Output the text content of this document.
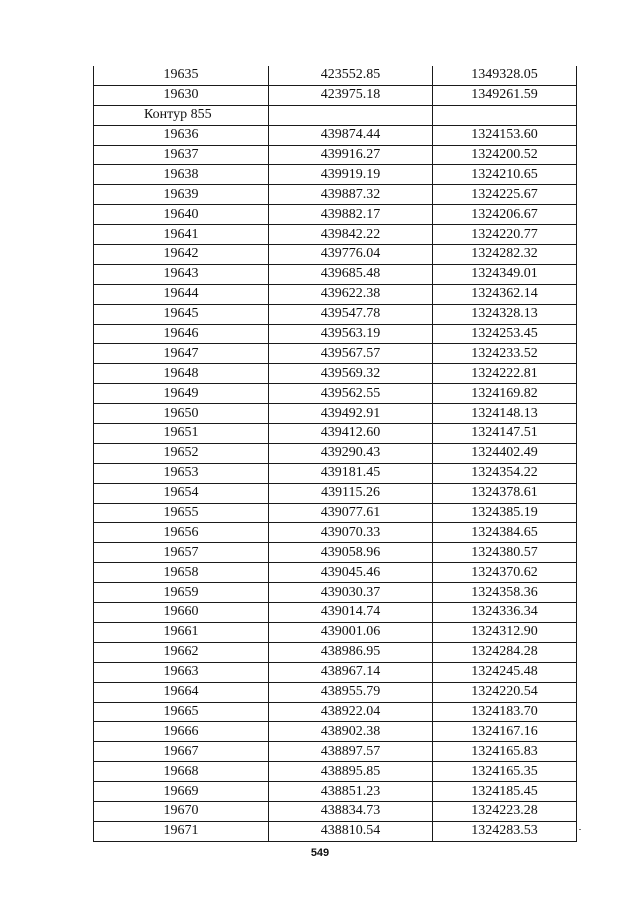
19635	423552.85	1349328.05
19630	423975.18	1349261.59
Контур 855		
19636	439874.44	1324153.60
19637	439916.27	1324200.52
19638	439919.19	1324210.65
19639	439887.32	1324225.67
19640	439882.17	1324206.67
19641	439842.22	1324220.77
19642	439776.04	1324282.32
19643	439685.48	1324349.01
19644	439622.38	1324362.14
19645	439547.78	1324328.13
19646	439563.19	1324253.45
19647	439567.57	1324233.52
19648	439569.32	1324222.81
19649	439562.55	1324169.82
19650	439492.91	1324148.13
19651	439412.60	1324147.51
19652	439290.43	1324402.49
19653	439181.45	1324354.22
19654	439115.26	1324378.61
19655	439077.61	1324385.19
19656	439070.33	1324384.65
19657	439058.96	1324380.57
19658	439045.46	1324370.62
19659	439030.37	1324358.36
19660	439014.74	1324336.34
19661	439001.06	1324312.90
19662	438986.95	1324284.28
19663	438967.14	1324245.48
19664	438955.79	1324220.54
19665	438922.04	1324183.70
19666	438902.38	1324167.16
19667	438897.57	1324165.83
19668	438895.85	1324165.35
19669	438851.23	1324185.45
19670	438834.73	1324223.28
19671	438810.54	1324283.53
549
